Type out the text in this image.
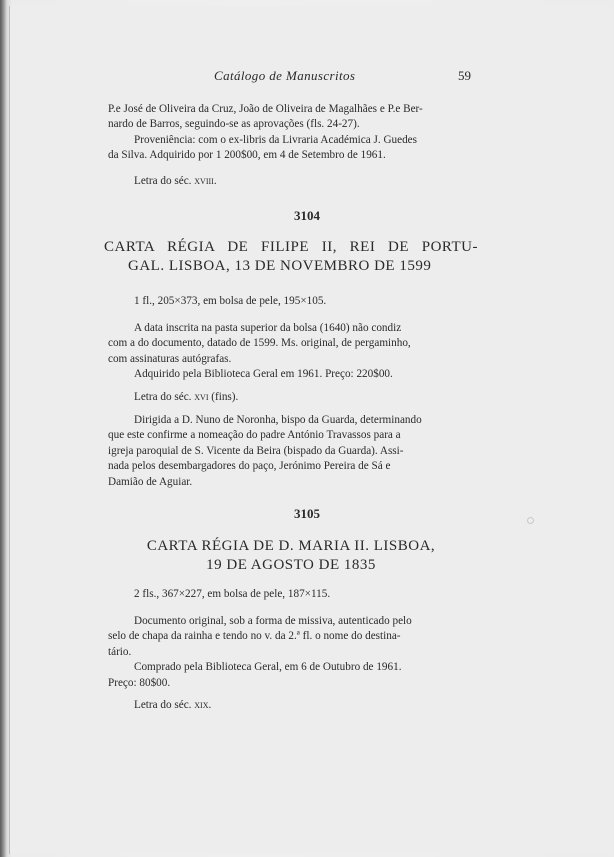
Catálogo de Manuscritos	59

P.e José de Oliveira da Cruz, João de Oliveira de Magalhães e P.e Ber-

nardo de Barros, seguindo-se as aprovações (fls. 24-27).

Proveniência: com o ex-libris da Livraria Académica J. Guedes

da Silva. Adquirido por 1 200$00, em 4 de Setembro de 1961.

Letra do séc. xviii.

3104
CARTA RÉGIA DE FILIPE II, REI DE PORTU-
GAL. LISBOA, 13 DE NOVEMBRO DE 1599

1 fl., 205×373, em bolsa de pele, 195×105.

A data inscrita na pasta superior da bolsa (1640) não condiz

com a do documento, datado de 1599. Ms. original, de pergaminho,

com assinaturas autógrafas.

Adquirido pela Biblioteca Geral em 1961. Preço: 220$00.

Letra do séc. xvi (fins).

Dirigida a D. Nuno de Noronha, bispo da Guarda, determinando

que este confirme a nomeação do padre António Travassos para a

igreja paroquial de S. Vicente da Beira (bispado da Guarda). Assi-

nada pelos desembargadores do paço, Jerónimo Pereira de Sá e

Damião de Aguiar.

3105
CARTA RÉGIA DE D. MARIA II. LISBOA,
19 DE AGOSTO DE 1835

2 fls., 367×227, em bolsa de pele, 187×115.

Documento original, sob a forma de missiva, autenticado pelo

selo de chapa da rainha e tendo no v. da 2.ª fl. o nome do destina-

tário.

Comprado pela Biblioteca Geral, em 6 de Outubro de 1961.

Preço: 80$00.

Letra do séc. xix.
